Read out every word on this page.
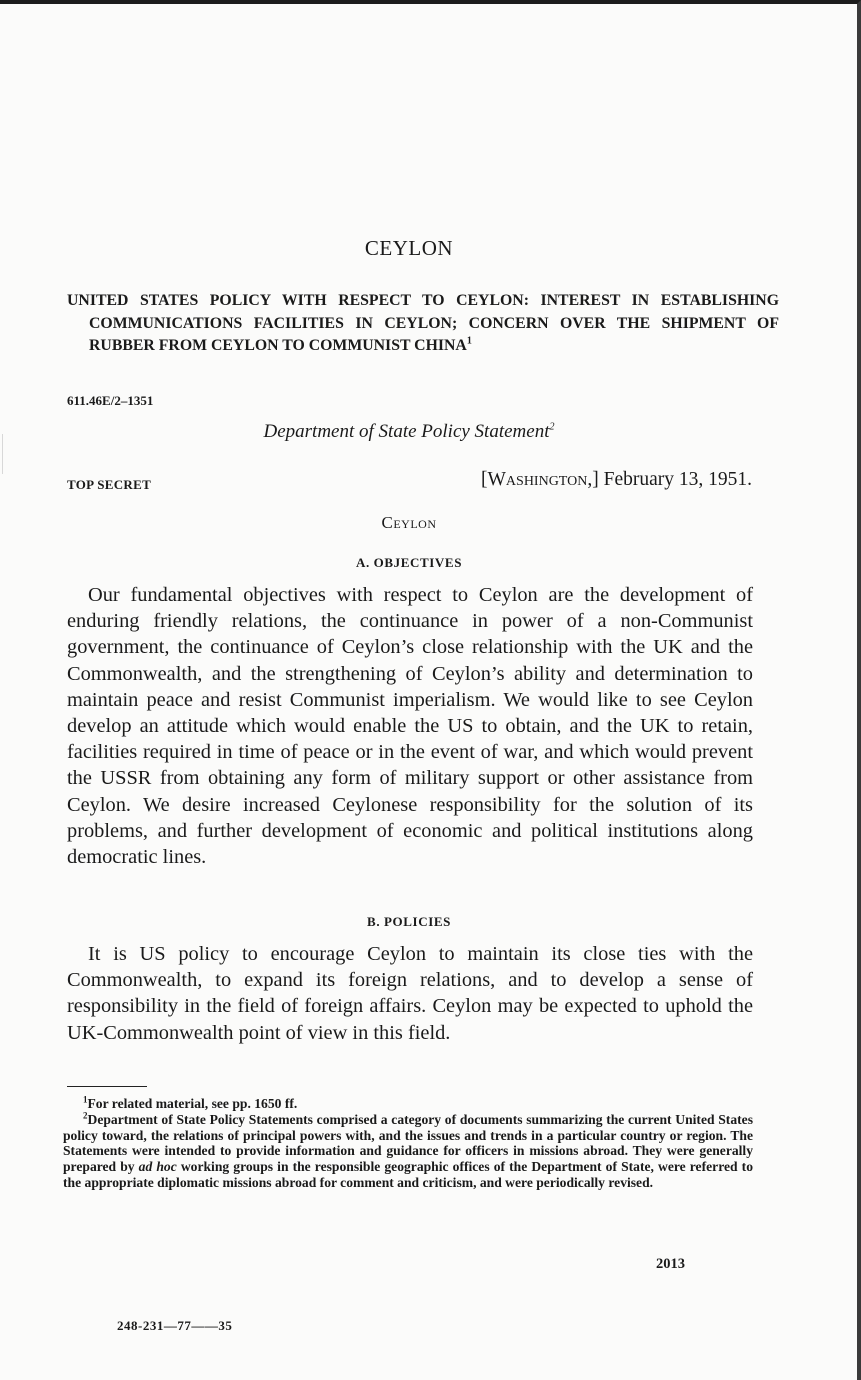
CEYLON
UNITED STATES POLICY WITH RESPECT TO CEYLON: INTEREST IN ESTABLISHING COMMUNICATIONS FACILITIES IN CEYLON; CONCERN OVER THE SHIPMENT OF RUBBER FROM CEYLON TO COMMUNIST CHINA$^1$
611.46E/2–1351
Department of State Policy Statement$^2$
TOP SECRET	[Washington,] February 13, 1951.
Ceylon
A. OBJECTIVES
Our fundamental objectives with respect to Ceylon are the development of enduring friendly relations, the continuance in power of a non-Communist government, the continuance of Ceylon’s close relationship with the UK and the Commonwealth, and the strengthening of Ceylon’s ability and determination to maintain peace and resist Communist imperialism. We would like to see Ceylon develop an attitude which would enable the US to obtain, and the UK to retain, facilities required in time of peace or in the event of war, and which would prevent the USSR from obtaining any form of military support or other assistance from Ceylon. We desire increased Ceylonese responsibility for the solution of its problems, and further development of economic and political institutions along democratic lines.
B. POLICIES
It is US policy to encourage Ceylon to maintain its close ties with the Commonwealth, to expand its foreign relations, and to develop a sense of responsibility in the field of foreign affairs. Ceylon may be expected to uphold the UK-Commonwealth point of view in this field.
$^1$For related material, see pp. 1650 ff.
$^2$Department of State Policy Statements comprised a category of documents summarizing the current United States policy toward, the relations of principal powers with, and the issues and trends in a particular country or region. The Statements were intended to provide information and guidance for officers in missions abroad. They were generally prepared by ad hoc working groups in the responsible geographic offices of the Department of State, were referred to the appropriate diplomatic missions abroad for comment and criticism, and were periodically revised.
2013
248-231—77——35
